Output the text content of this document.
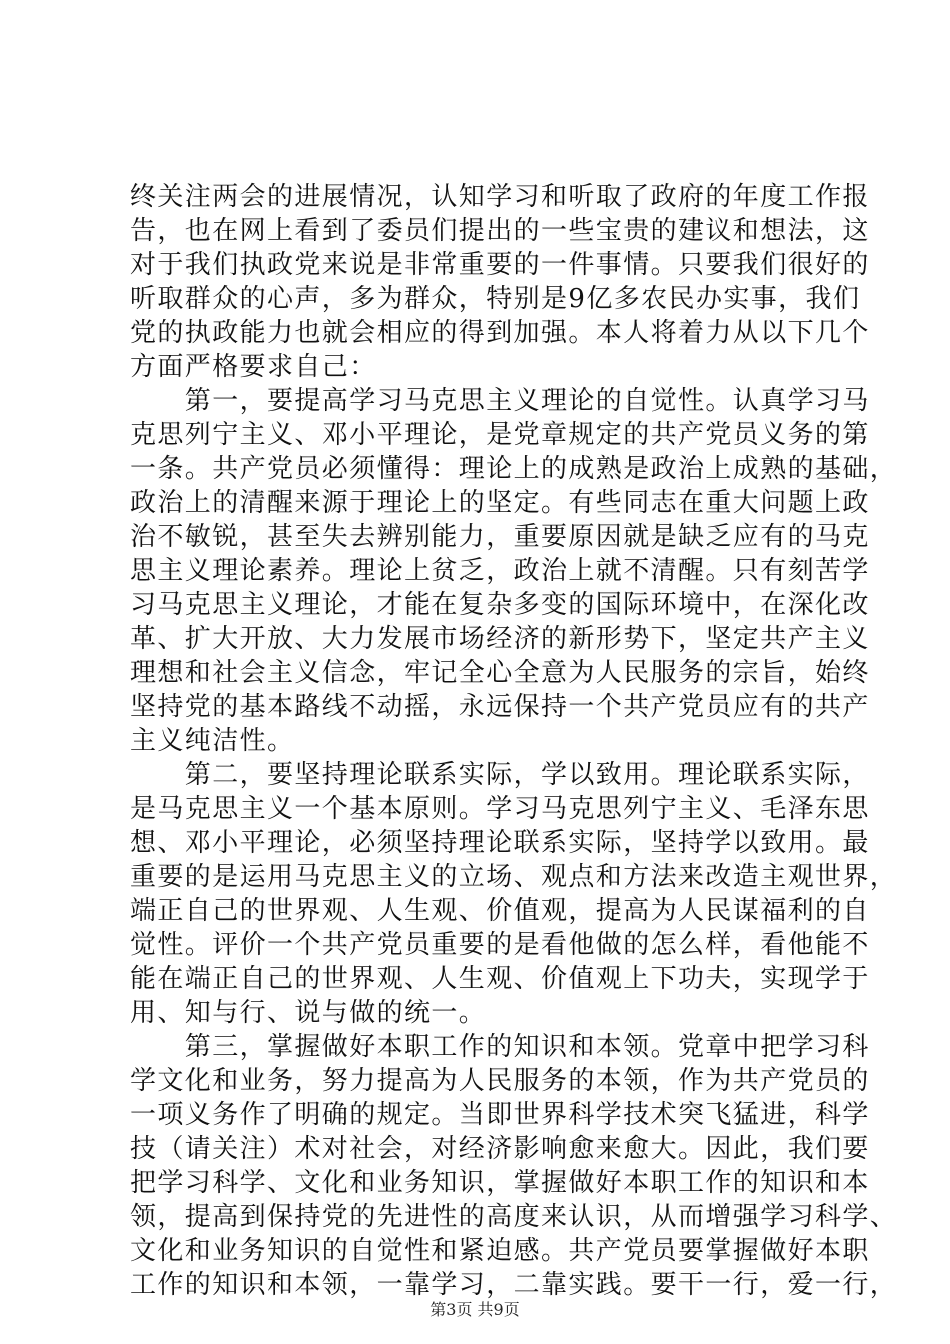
终关注两会的进展情况，认知学习和听取了政府的年度工作报
告，也在网上看到了委员们提出的一些宝贵的建议和想法，这
对于我们执政党来说是非常重要的一件事情。只要我们很好的
听取群众的心声，多为群众，特别是9亿多农民办实事，我们
党的执政能力也就会相应的得到加强。本人将着力从以下几个
方面严格要求自己：
　　第一，要提高学习马克思主义理论的自觉性。认真学习马
克思列宁主义、邓小平理论，是党章规定的共产党员义务的第
一条。共产党员必须懂得：理论上的成熟是政治上成熟的基础，
政治上的清醒来源于理论上的坚定。有些同志在重大问题上政
治不敏锐，甚至失去辨别能力，重要原因就是缺乏应有的马克
思主义理论素养。理论上贫乏，政治上就不清醒。只有刻苦学
习马克思主义理论，才能在复杂多变的国际环境中，在深化改
革、扩大开放、大力发展市场经济的新形势下，坚定共产主义
理想和社会主义信念，牢记全心全意为人民服务的宗旨，始终
坚持党的基本路线不动摇，永远保持一个共产党员应有的共产
主义纯洁性。
　　第二，要坚持理论联系实际，学以致用。理论联系实际，
是马克思主义一个基本原则。学习马克思列宁主义、毛泽东思
想、邓小平理论，必须坚持理论联系实际，坚持学以致用。最
重要的是运用马克思主义的立场、观点和方法来改造主观世界，
端正自己的世界观、人生观、价值观，提高为人民谋福利的自
觉性。评价一个共产党员重要的是看他做的怎么样，看他能不
能在端正自己的世界观、人生观、价值观上下功夫，实现学于
用、知与行、说与做的统一。
　　第三，掌握做好本职工作的知识和本领。党章中把学习科
学文化和业务，努力提高为人民服务的本领，作为共产党员的
一项义务作了明确的规定。当即世界科学技术突飞猛进，科学
技（请关注）术对社会，对经济影响愈来愈大。因此，我们要
把学习科学、文化和业务知识，掌握做好本职工作的知识和本
领，提高到保持党的先进性的高度来认识，从而增强学习科学、
文化和业务知识的自觉性和紧迫感。共产党员要掌握做好本职
工作的知识和本领，一靠学习，二靠实践。要干一行，爱一行，
第3页 共9页
